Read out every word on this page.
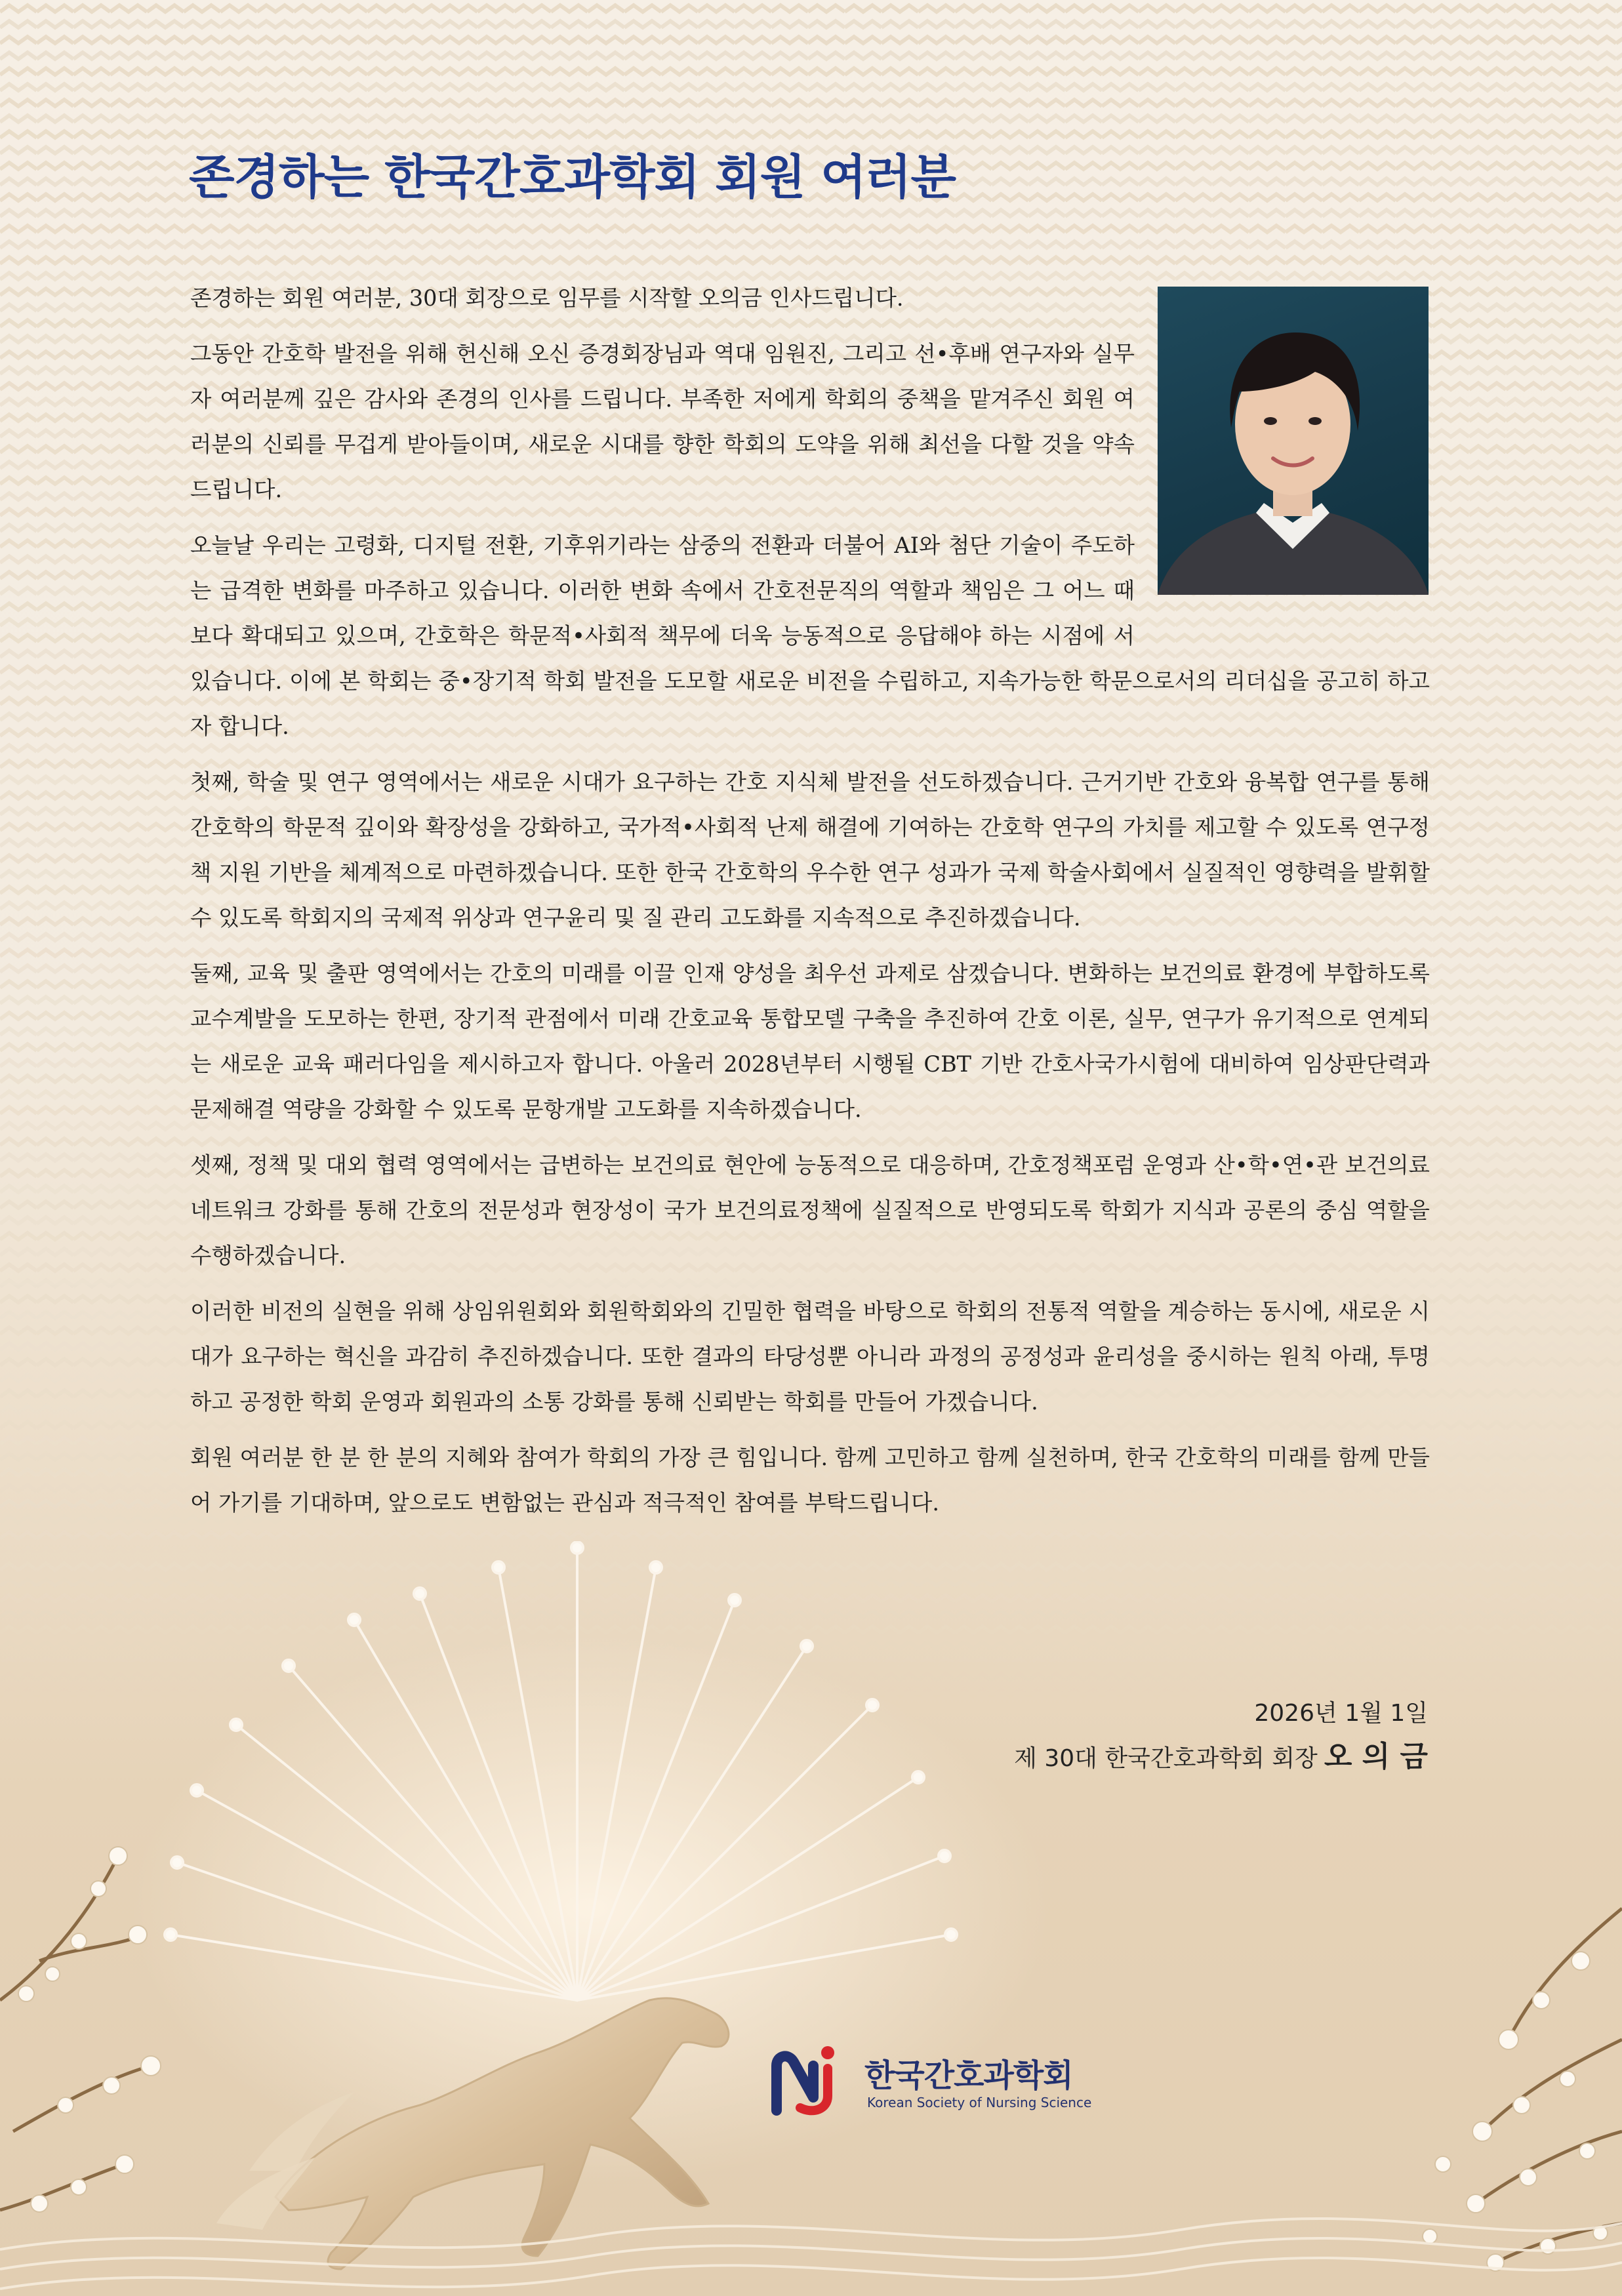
존경하는 한국간호과학회 회원 여러분

존경하는 회원 여러분, 30대 회장으로 임무를 시작할 오의금 인사드립니다.

그동안 간호학 발전을 위해 헌신해 오신 증경회장님과 역대 임원진, 그리고 선•후배 연구자와 실무자 여러분께 깊은 감사와 존경의 인사를 드립니다. 부족한 저에게 학회의 중책을 맡겨주신 회원 여러분의 신뢰를 무겁게 받아들이며, 새로운 시대를 향한 학회의 도약을 위해 최선을 다할 것을 약속드립니다.

오늘날 우리는 고령화, 디지털 전환, 기후위기라는 삼중의 전환과 더불어 AI와 첨단 기술이 주도하는 급격한 변화를 마주하고 있습니다. 이러한 변화 속에서 간호전문직의 역할과 책임은 그 어느 때보다 확대되고 있으며, 간호학은 학문적•사회적 책무에 더욱 능동적으로 응답해야 하는 시점에 서 있습니다. 이에 본 학회는 중•장기적 학회 발전을 도모할 새로운 비전을 수립하고, 지속가능한 학문으로서의 리더십을 공고히 하고자 합니다.

첫째, 학술 및 연구 영역에서는 새로운 시대가 요구하는 간호 지식체 발전을 선도하겠습니다. 근거기반 간호와 융복합 연구를 통해 간호학의 학문적 깊이와 확장성을 강화하고, 국가적•사회적 난제 해결에 기여하는 간호학 연구의 가치를 제고할 수 있도록 연구정책 지원 기반을 체계적으로 마련하겠습니다. 또한 한국 간호학의 우수한 연구 성과가 국제 학술사회에서 실질적인 영향력을 발휘할 수 있도록 학회지의 국제적 위상과 연구윤리 및 질 관리 고도화를 지속적으로 추진하겠습니다.

둘째, 교육 및 출판 영역에서는 간호의 미래를 이끌 인재 양성을 최우선 과제로 삼겠습니다. 변화하는 보건의료 환경에 부합하도록 교수계발을 도모하는 한편, 장기적 관점에서 미래 간호교육 통합모델 구축을 추진하여 간호 이론, 실무, 연구가 유기적으로 연계되는 새로운 교육 패러다임을 제시하고자 합니다. 아울러 2028년부터 시행될 CBT 기반 간호사국가시험에 대비하여 임상판단력과 문제해결 역량을 강화할 수 있도록 문항개발 고도화를 지속하겠습니다.

셋째, 정책 및 대외 협력 영역에서는 급변하는 보건의료 현안에 능동적으로 대응하며, 간호정책포럼 운영과 산•학•연•관 보건의료 네트워크 강화를 통해 간호의 전문성과 현장성이 국가 보건의료정책에 실질적으로 반영되도록 학회가 지식과 공론의 중심 역할을 수행하겠습니다.

이러한 비전의 실현을 위해 상임위원회와 회원학회와의 긴밀한 협력을 바탕으로 학회의 전통적 역할을 계승하는 동시에, 새로운 시대가 요구하는 혁신을 과감히 추진하겠습니다. 또한 결과의 타당성뿐 아니라 과정의 공정성과 윤리성을 중시하는 원칙 아래, 투명하고 공정한 학회 운영과 회원과의 소통 강화를 통해 신뢰받는 학회를 만들어 가겠습니다.

회원 여러분 한 분 한 분의 지혜와 참여가 학회의 가장 큰 힘입니다. 함께 고민하고 함께 실천하며, 한국 간호학의 미래를 함께 만들어 가기를 기대하며, 앞으로도 변함없는 관심과 적극적인 참여를 부탁드립니다.

2026년 1월 1일
제 30대 한국간호과학회 회장 오 의 금
한국간호과학회
Korean Society of Nursing Science
